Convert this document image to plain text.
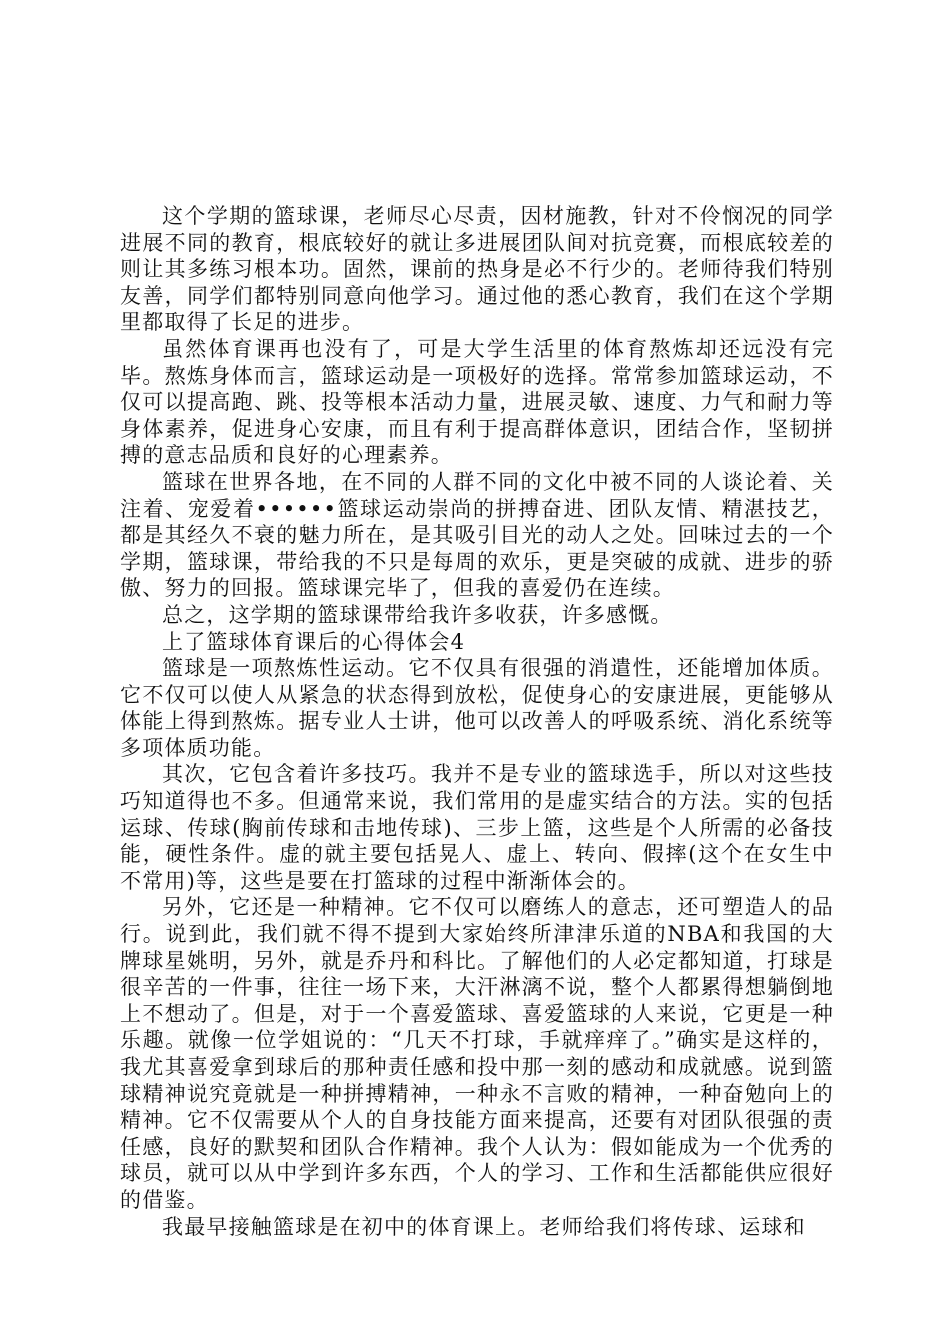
这个学期的篮球课，老师尽心尽责，因材施教，针对不伶悯况的同学进展不同的教育，根底较好的就让多进展团队间对抗竞赛，而根底较差的则让其多练习根本功。固然，课前的热身是必不行少的。老师待我们特别友善，同学们都特别同意向他学习。通过他的悉心教育，我们在这个学期里都取得了长足的进步。

虽然体育课再也没有了，可是大学生活里的体育熬炼却还远没有完毕。熬炼身体而言，篮球运动是一项极好的选择。常常参加篮球运动，不仅可以提高跑、跳、投等根本活动力量，进展灵敏、速度、力气和耐力等身体素养，促进身心安康，而且有利于提高群体意识，团结合作，坚韧拼搏的意志品质和良好的心理素养。

篮球在世界各地，在不同的人群不同的文化中被不同的人谈论着、关注着、宠爱着••••••篮球运动崇尚的拼搏奋进、团队友情、精湛技艺，都是其经久不衰的魅力所在，是其吸引目光的动人之处。回味过去的一个学期，篮球课，带给我的不只是每周的欢乐，更是突破的成就、进步的骄傲、努力的回报。篮球课完毕了，但我的喜爱仍在连续。

总之，这学期的篮球课带给我许多收获，许多感慨。

上了篮球体育课后的心得体会4

篮球是一项熬炼性运动。它不仅具有很强的消遣性，还能增加体质。它不仅可以使人从紧急的状态得到放松，促使身心的安康进展，更能够从体能上得到熬炼。据专业人士讲，他可以改善人的呼吸系统、消化系统等多项体质功能。

其次，它包含着许多技巧。我并不是专业的篮球选手，所以对这些技巧知道得也不多。但通常来说，我们常用的是虚实结合的方法。实的包括运球、传球(胸前传球和击地传球)、三步上篮，这些是个人所需的必备技能，硬性条件。虚的就主要包括晃人、虚上、转向、假摔(这个在女生中不常用)等，这些是要在打篮球的过程中渐渐体会的。

另外，它还是一种精神。它不仅可以磨练人的意志，还可塑造人的品行。说到此，我们就不得不提到大家始终所津津乐道的NBA和我国的大牌球星姚明，另外，就是乔丹和科比。了解他们的人必定都知道，打球是很辛苦的一件事，往往一场下来，大汗淋漓不说，整个人都累得想躺倒地上不想动了。但是，对于一个喜爱篮球、喜爱篮球的人来说，它更是一种乐趣。就像一位学姐说的：“几天不打球，手就痒痒了。”确实是这样的，我尤其喜爱拿到球后的那种责任感和投中那一刻的感动和成就感。说到篮球精神说究竟就是一种拼搏精神，一种永不言败的精神，一种奋勉向上的精神。它不仅需要从个人的自身技能方面来提高，还要有对团队很强的责任感，良好的默契和团队合作精神。我个人认为：假如能成为一个优秀的球员，就可以从中学到许多东西，个人的学习、工作和生活都能供应很好的借鉴。

我最早接触篮球是在初中的体育课上。老师给我们将传球、运球和
